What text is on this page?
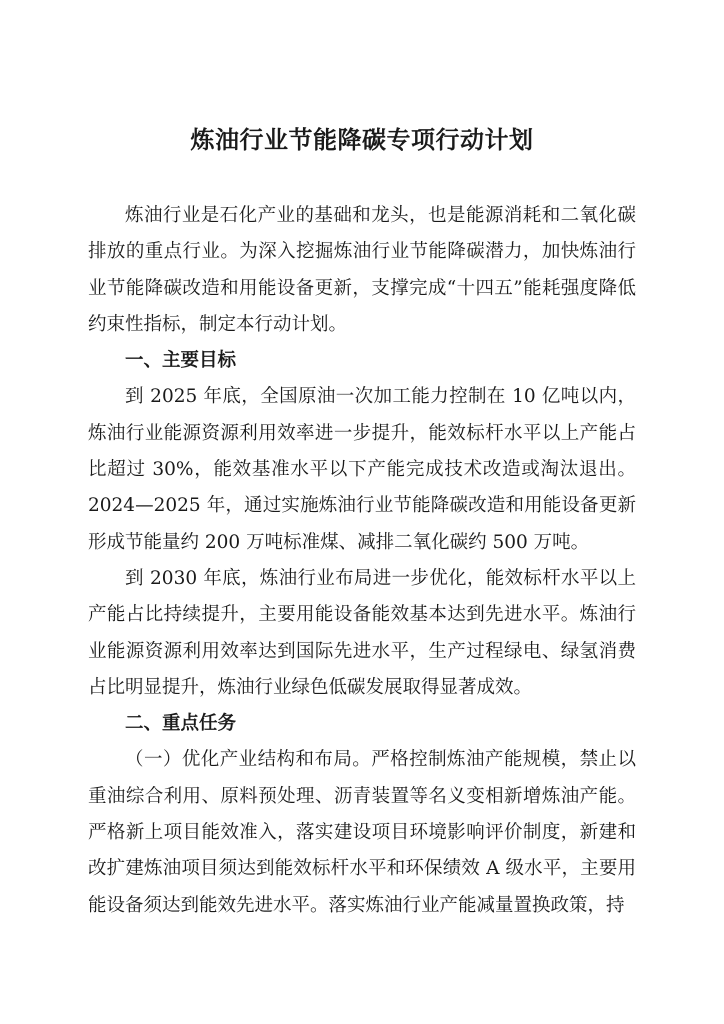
炼油行业节能降碳专项行动计划

炼油行业是石化产业的基础和龙头，也是能源消耗和二氧化碳排放的重点行业。为深入挖掘炼油行业节能降碳潜力，加快炼油行业节能降碳改造和用能设备更新，支撑完成“十四五”能耗强度降低约束性指标，制定本行动计划。

一、主要目标

到 2025 年底，全国原油一次加工能力控制在 10 亿吨以内，炼油行业能源资源利用效率进一步提升，能效标杆水平以上产能占比超过 30%，能效基准水平以下产能完成技术改造或淘汰退出。2024—2025 年，通过实施炼油行业节能降碳改造和用能设备更新形成节能量约 200 万吨标准煤、减排二氧化碳约 500 万吨。

到 2030 年底，炼油行业布局进一步优化，能效标杆水平以上产能占比持续提升，主要用能设备能效基本达到先进水平。炼油行业能源资源利用效率达到国际先进水平，生产过程绿电、绿氢消费占比明显提升，炼油行业绿色低碳发展取得显著成效。

二、重点任务

（一）优化产业结构和布局。严格控制炼油产能规模，禁止以重油综合利用、原料预处理、沥青装置等名义变相新增炼油产能。严格新上项目能效准入，落实建设项目环境影响评价制度，新建和改扩建炼油项目须达到能效标杆水平和环保绩效 A 级水平，主要用能设备须达到能效先进水平。落实炼油行业产能减量置换政策，持
